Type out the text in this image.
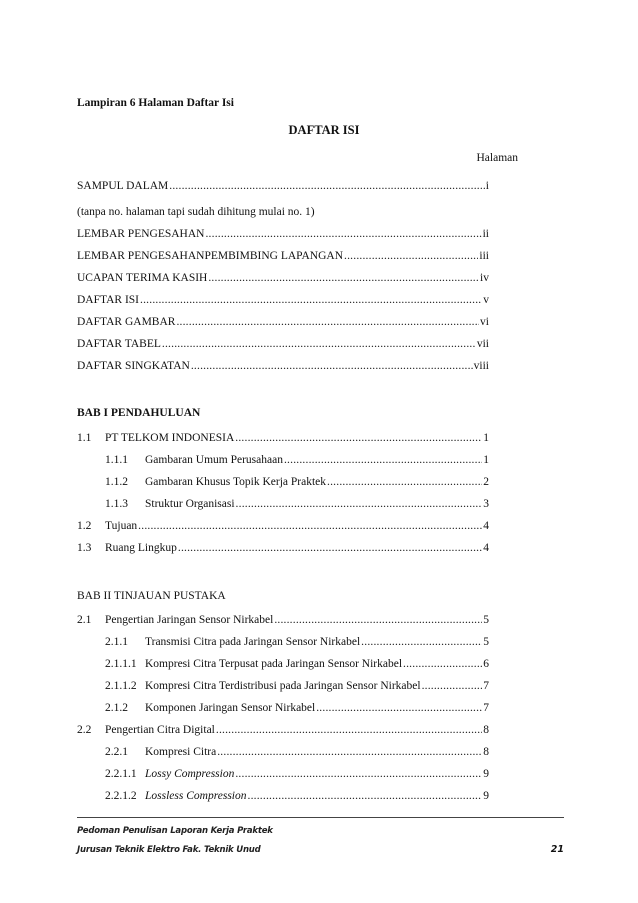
Lampiran 6 Halaman Daftar Isi
DAFTAR ISI
Halaman
SAMPUL DALAM .....	i
(tanpa no. halaman tapi sudah dihitung mulai no. 1)
LEMBAR PENGESAHAN .....	ii
LEMBAR PENGESAHANPEMBIMBING LAPANGAN .....	iii
UCAPAN TERIMA KASIH .....	iv
DAFTAR ISI .....	v
DAFTAR GAMBAR .....	vi
DAFTAR TABEL .....	vii
DAFTAR SINGKATAN .....	viii
BAB I PENDAHULUAN
1.1	PT TELKOM INDONESIA .....	1
1.1.1	Gambaran Umum Perusahaan .....	1
1.1.2	Gambaran Khusus Topik Kerja Praktek .....	2
1.1.3	Struktur Organisasi .....	3
1.2	Tujuan .....	4
1.3	Ruang Lingkup .....	4
BAB II TINJAUAN PUSTAKA
2.1	Pengertian Jaringan Sensor Nirkabel .....	5
2.1.1	Transmisi Citra pada Jaringan Sensor Nirkabel .....	5
2.1.1.1 Kompresi Citra Terpusat pada Jaringan Sensor Nirkabel .....	6
2.1.1.2 Kompresi Citra Terdistribusi pada Jaringan Sensor Nirkabel .....	7
2.1.2	Komponen Jaringan Sensor Nirkabel .....	7
2.2	Pengertian Citra Digital .....	8
2.2.1	Kompresi Citra .....	8
2.2.1.1 Lossy Compression .....	9
2.2.1.2 Lossless Compression .....	9
Pedoman Penulisan Laporan Kerja Praktek
Jurusan Teknik Elektro Fak. Teknik Unud	21
